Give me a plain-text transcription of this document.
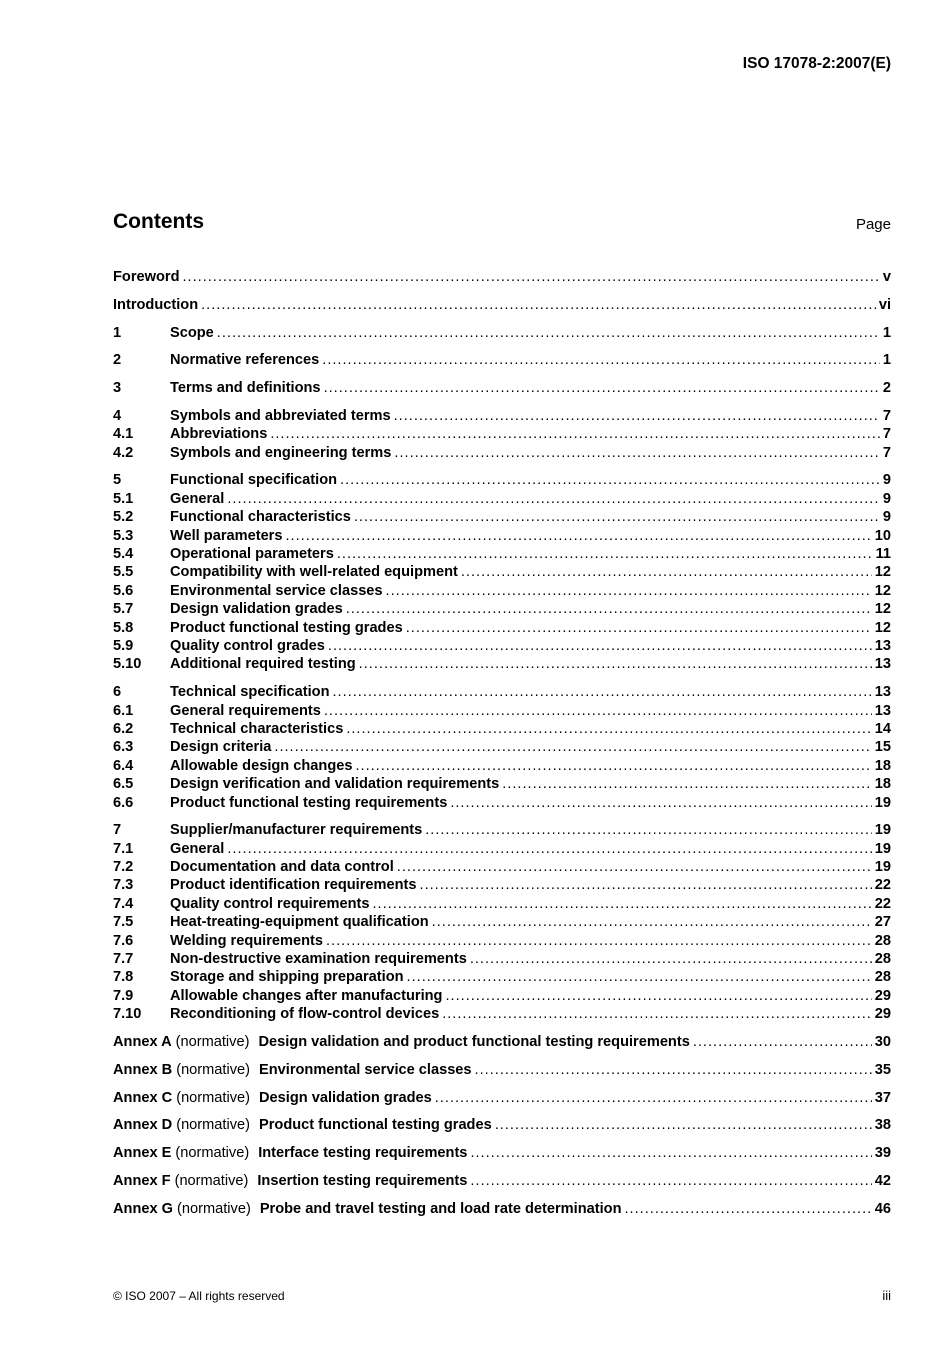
ISO 17078-2:2007(E)
Contents	Page
Foreword .....	v
Introduction .....	vi
1	Scope .....	1
2	Normative references .....	1
3	Terms and definitions .....	2
4	Symbols and abbreviated terms .....	7
4.1	Abbreviations .....	7
4.2	Symbols and engineering terms .....	7
5	Functional specification .....	9
5.1	General .....	9
5.2	Functional characteristics .....	9
5.3	Well parameters .....	10
5.4	Operational parameters .....	11
5.5	Compatibility with well-related equipment .....	12
5.6	Environmental service classes .....	12
5.7	Design validation grades .....	12
5.8	Product functional testing grades .....	12
5.9	Quality control grades .....	13
5.10	Additional required testing .....	13
6	Technical specification .....	13
6.1	General requirements .....	13
6.2	Technical characteristics .....	14
6.3	Design criteria .....	15
6.4	Allowable design changes .....	18
6.5	Design verification and validation requirements .....	18
6.6	Product functional testing requirements .....	19
7	Supplier/manufacturer requirements .....	19
7.1	General .....	19
7.2	Documentation and data control .....	19
7.3	Product identification requirements .....	22
7.4	Quality control requirements .....	22
7.5	Heat-treating-equipment qualification .....	27
7.6	Welding requirements .....	28
7.7	Non-destructive examination requirements .....	28
7.8	Storage and shipping preparation .....	28
7.9	Allowable changes after manufacturing .....	29
7.10	Reconditioning of flow-control devices .....	29
Annex A (normative) Design validation and product functional testing requirements .....	30
Annex B (normative) Environmental service classes .....	35
Annex C (normative) Design validation grades .....	37
Annex D (normative) Product functional testing grades .....	38
Annex E (normative) Interface testing requirements .....	39
Annex F (normative) Insertion testing requirements .....	42
Annex G (normative) Probe and travel testing and load rate determination .....	46
© ISO 2007 – All rights reserved	iii
